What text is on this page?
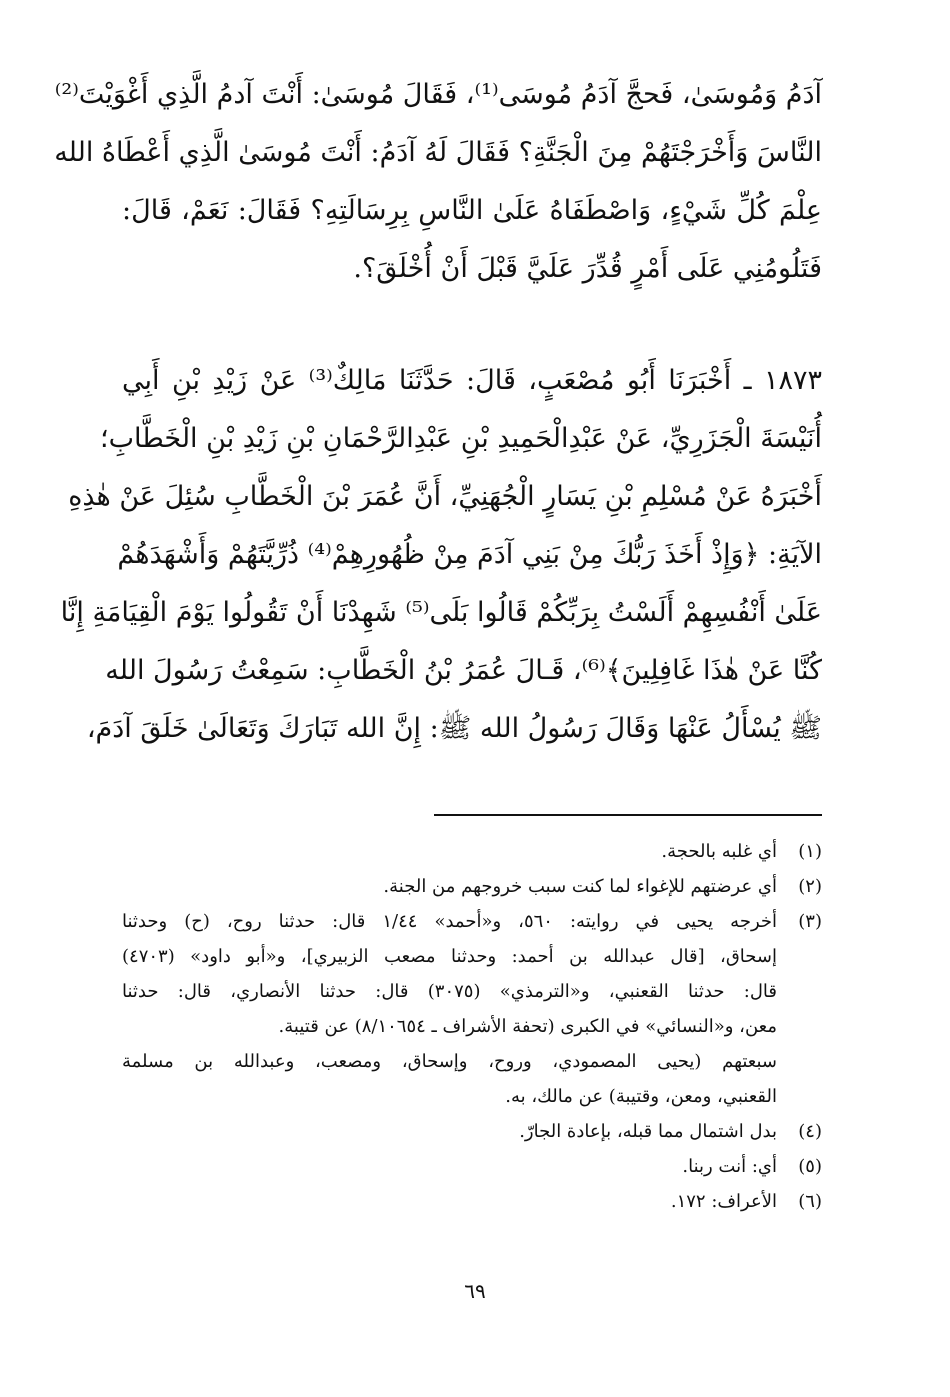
آدَمُ وَمُوسَىٰ، فَحجَّ آدَمُ مُوسَى⁽¹⁾، فَقَالَ مُوسَىٰ: أَنْتَ آدمُ الَّذِي أَغْوَيْتَ⁽²⁾
النَّاسَ وَأَخْرَجْتَهُمْ مِنَ الْجَنَّةِ؟ فَقَالَ لَهُ آدَمُ: أَنْتَ مُوسَىٰ الَّذِي أَعْطَاهُ الله
عِلْمَ كُلِّ شَيْءٍ، وَاصْطَفَاهُ عَلَىٰ النَّاسِ بِرِسَالَتِهِ؟ فَقَالَ: نَعَمْ، قَالَ:
فَتَلُومُنِي عَلَى أَمْرٍ قُدِّرَ عَلَيَّ قَبْلَ أَنْ أُخْلَقَ؟.
١٨٧٣ ـ أَخْبَرَنَا أَبُو مُصْعَبٍ، قَالَ: حَدَّثَنَا مَالِكٌ⁽³⁾ عَنْ زَيْدِ بْنِ أَبِي
أُنَيْسَةَ الْجَزَرِيِّ، عَنْ عَبْدِالْحَمِيدِ بْنِ عَبْدِالرَّحْمَانِ بْنِ زَيْدِ بْنِ الْخَطَّابِ؛
أَخْبَرَهُ عَنْ مُسْلِمِ بْنِ يَسَارٍ الْجُهَنِيِّ، أَنَّ عُمَرَ بْنَ الْخَطَّابِ سُئِلَ عَنْ هٰذِهِ
الآيَةِ: ﴿وَإِذْ أَخَذَ رَبُّكَ مِنْ بَنِي آدَمَ مِنْ ظُهُورِهِمْ⁽⁴⁾ ذُرِّيَّتَهُمْ وَأَشْهَدَهُمْ
عَلَىٰ أَنْفُسِهِمْ أَلَسْتُ بِرَبِّكُمْ قَالُوا بَلَى⁽⁵⁾ شَهِدْنَا أَنْ تَقُولُوا يَوْمَ الْقِيَامَةِ إِنَّا
كُنَّا عَنْ هٰذَا غَافِلِينَ﴾⁽⁶⁾، قَـالَ عُمَرُ بْنُ الْخَطَّابِ: سَمِعْتُ رَسُولَ الله
ﷺ يُسْأَلُ عَنْهَا وَقَالَ رَسُولُ الله ﷺ: إِنَّ الله تَبَارَكَ وَتَعَالَىٰ خَلَقَ آدَمَ،
(١)
أي غلبه بالحجة.
(٢)
أي عرضتهم للإغواء لما كنت سبب خروجهم من الجنة.
(٣)
أخرجه يحيى في روايته: ٥٦٠، و«أحمد» ١/٤٤ قال: حدثنا روح، (ح) وحدثنا
إسحاق، [قال عبدالله بن أحمد: وحدثنا مصعب الزبيري]، و«أبو داود» (٤٧٠٣)
قال: حدثنا القعنبي، و«الترمذي» (٣٠٧٥) قال: حدثنا الأنصاري، قال: حدثنا
معن، و«النسائي» في الكبرى (تحفة الأشراف ـ ٨/١٠٦٥٤) عن قتيبة.
سبعتهم (يحيى المصمودي، وروح، وإسحاق، ومصعب، وعبدالله بن مسلمة
القعنبي، ومعن، وقتيبة) عن مالك، به.
(٤)
بدل اشتمال مما قبله، بإعادة الجارّ.
(٥)
أي: أنت ربنا.
(٦)
الأعراف: ١٧٢.
٦٩
